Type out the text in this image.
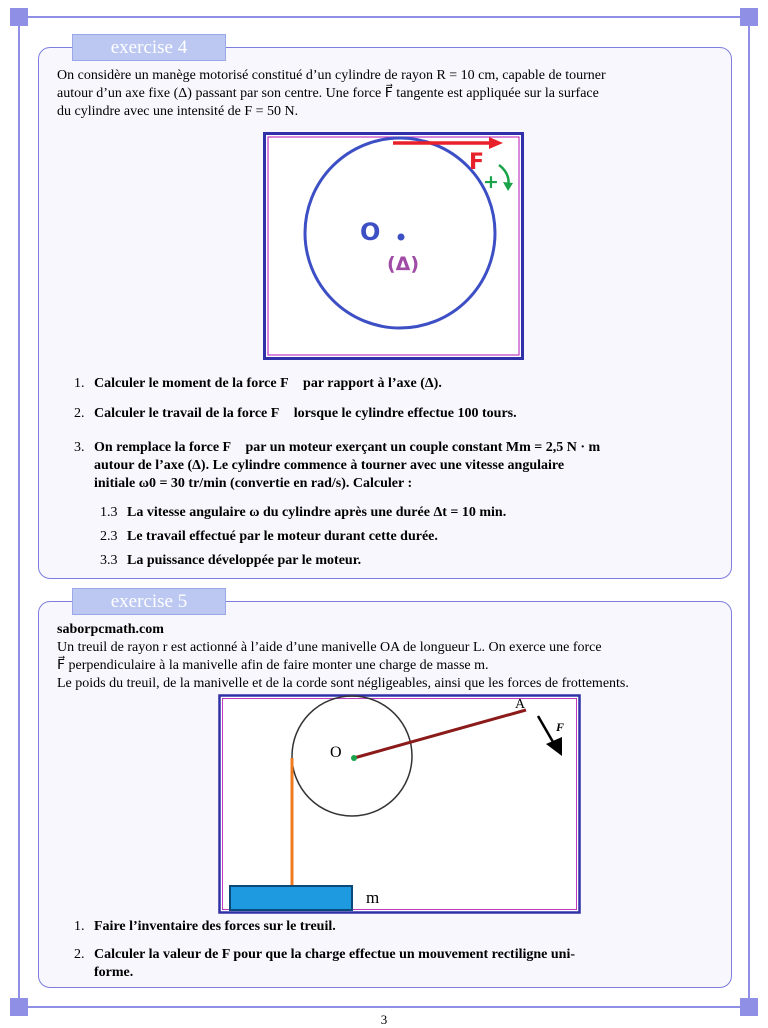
exercise 4
On considère un manège motorisé constitué d’un cylindre de rayon R = 10 cm, capable de tourner
autour d’un axe fixe (Δ) passant par son centre. Une force F⃗ tangente est appliquée sur la surface
du cylindre avec une intensité de F = 50 N.
F
+
O
(Δ)
1. Calculer le moment de la force F⃗ par rapport à l’axe (Δ).
2. Calculer le travail de la force F⃗ lorsque le cylindre effectue 100 tours.
3. On remplace la force F⃗ par un moteur exerçant un couple constant Mm = 2,5 N · m
autour de l’axe (Δ). Le cylindre commence à tourner avec une vitesse angulaire
initiale ω0 = 30 tr/min (convertie en rad/s). Calculer :
1.3 La vitesse angulaire ω du cylindre après une durée Δt = 10 min.
2.3 Le travail effectué par le moteur durant cette durée.
3.3 La puissance développée par le moteur.
exercise 5
saborpcmath.com
Un treuil de rayon r est actionné à l’aide d’une manivelle OA de longueur L. On exerce une force
F⃗ perpendiculaire à la manivelle afin de faire monter une charge de masse m.
Le poids du treuil, de la manivelle et de la corde sont négligeables, ainsi que les forces de frottements.
O
A
F⃗
m
1. Faire l’inventaire des forces sur le treuil.
2. Calculer la valeur de F pour que la charge effectue un mouvement rectiligne uni-
forme.
3
